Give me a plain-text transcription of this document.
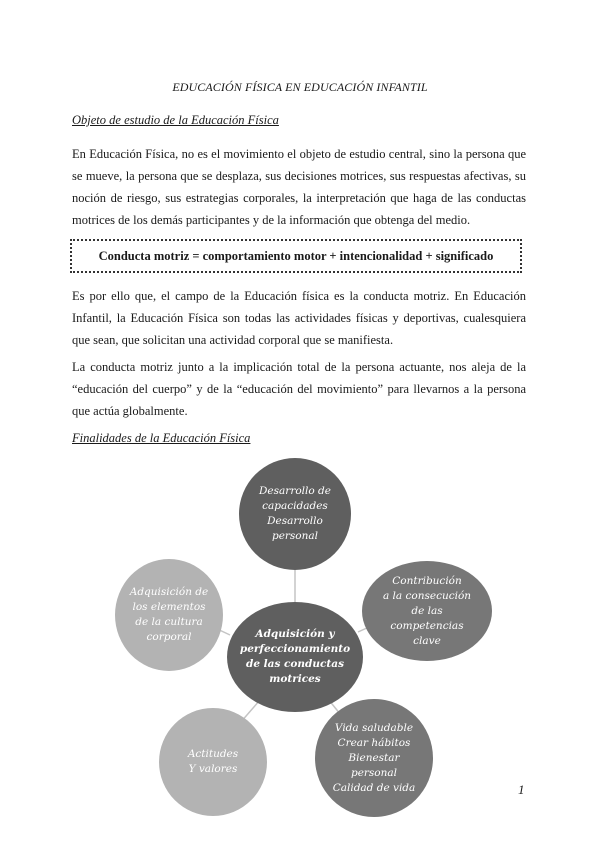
EDUCACIÓN FÍSICA EN EDUCACIÓN INFANTIL
Objeto de estudio de la Educación Física
En Educación Física, no es el movimiento el objeto de estudio central, sino la persona que se mueve, la persona que se desplaza, sus decisiones motrices, sus respuestas afectivas, su noción de riesgo, sus estrategias corporales, la interpretación que haga de las conductas motrices de los demás participantes y de la información que obtenga del medio.
Conducta motriz = comportamiento motor + intencionalidad + significado
Es por ello que, el campo de la Educación física es la conducta motriz. En Educación Infantil, la Educación Física son todas las actividades físicas y deportivas, cualesquiera que sean, que solicitan una actividad corporal que se manifiesta.
La conducta motriz junto a la implicación total de la persona actuante, nos aleja de la “educación del cuerpo” y de la “educación del movimiento” para llevarnos a la persona que actúa globalmente.
Finalidades de la Educación Física
Desarrollo de
capacidades
Desarrollo
personal
Contribución
a la consecución
de las
competencias
clave
Adquisición de
los elementos
de la cultura
corporal	Adquisición y
perfeccionamiento
de las conductas
motrices
Actitudes
Y valores
Vida saludable
Crear hábitos
Bienestar
personal
Calidad de vida	1
